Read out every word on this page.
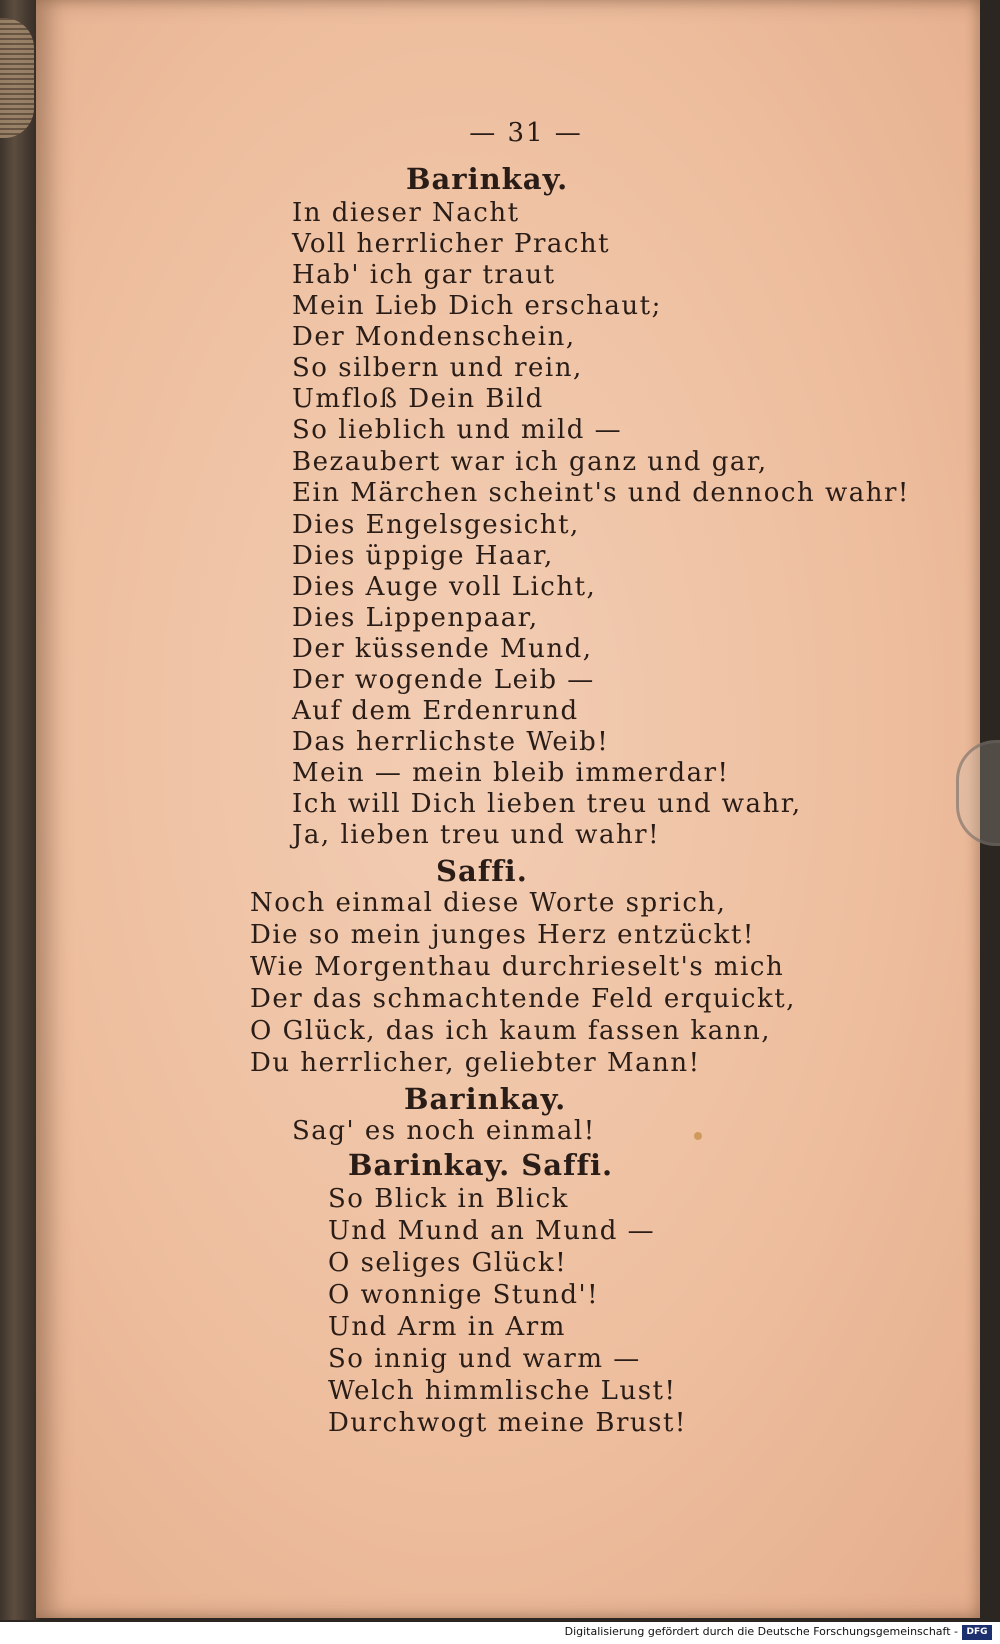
— 31 —
Barinkay.
In dieser Nacht
Voll herrlicher Pracht
Hab' ich gar traut
Mein Lieb Dich erschaut;
Der Mondenschein,
So silbern und rein,
Umfloß Dein Bild
So lieblich und mild —
Bezaubert war ich ganz und gar,
Ein Märchen scheint's und dennoch wahr!
Dies Engelsgesicht,
Dies üppige Haar,
Dies Auge voll Licht,
Dies Lippenpaar,
Der küssende Mund,
Der wogende Leib —
Auf dem Erdenrund
Das herrlichste Weib!
Mein — mein bleib immerdar!
Ich will Dich lieben treu und wahr,
Ja, lieben treu und wahr!
Saffi.
Noch einmal diese Worte sprich,
Die so mein junges Herz entzückt!
Wie Morgenthau durchrieselt's mich
Der das schmachtende Feld erquickt,
O Glück, das ich kaum fassen kann,
Du herrlicher, geliebter Mann!
Barinkay.
Sag' es noch einmal!
Barinkay. Saffi.
So Blick in Blick
Und Mund an Mund —
O seliges Glück!
O wonnige Stund'!
Und Arm in Arm
So innig und warm —
Welch himmlische Lust!
Durchwogt meine Brust!
Digitalisierung gefördert durch die Deutsche Forschungsgemeinschaft - DFG
